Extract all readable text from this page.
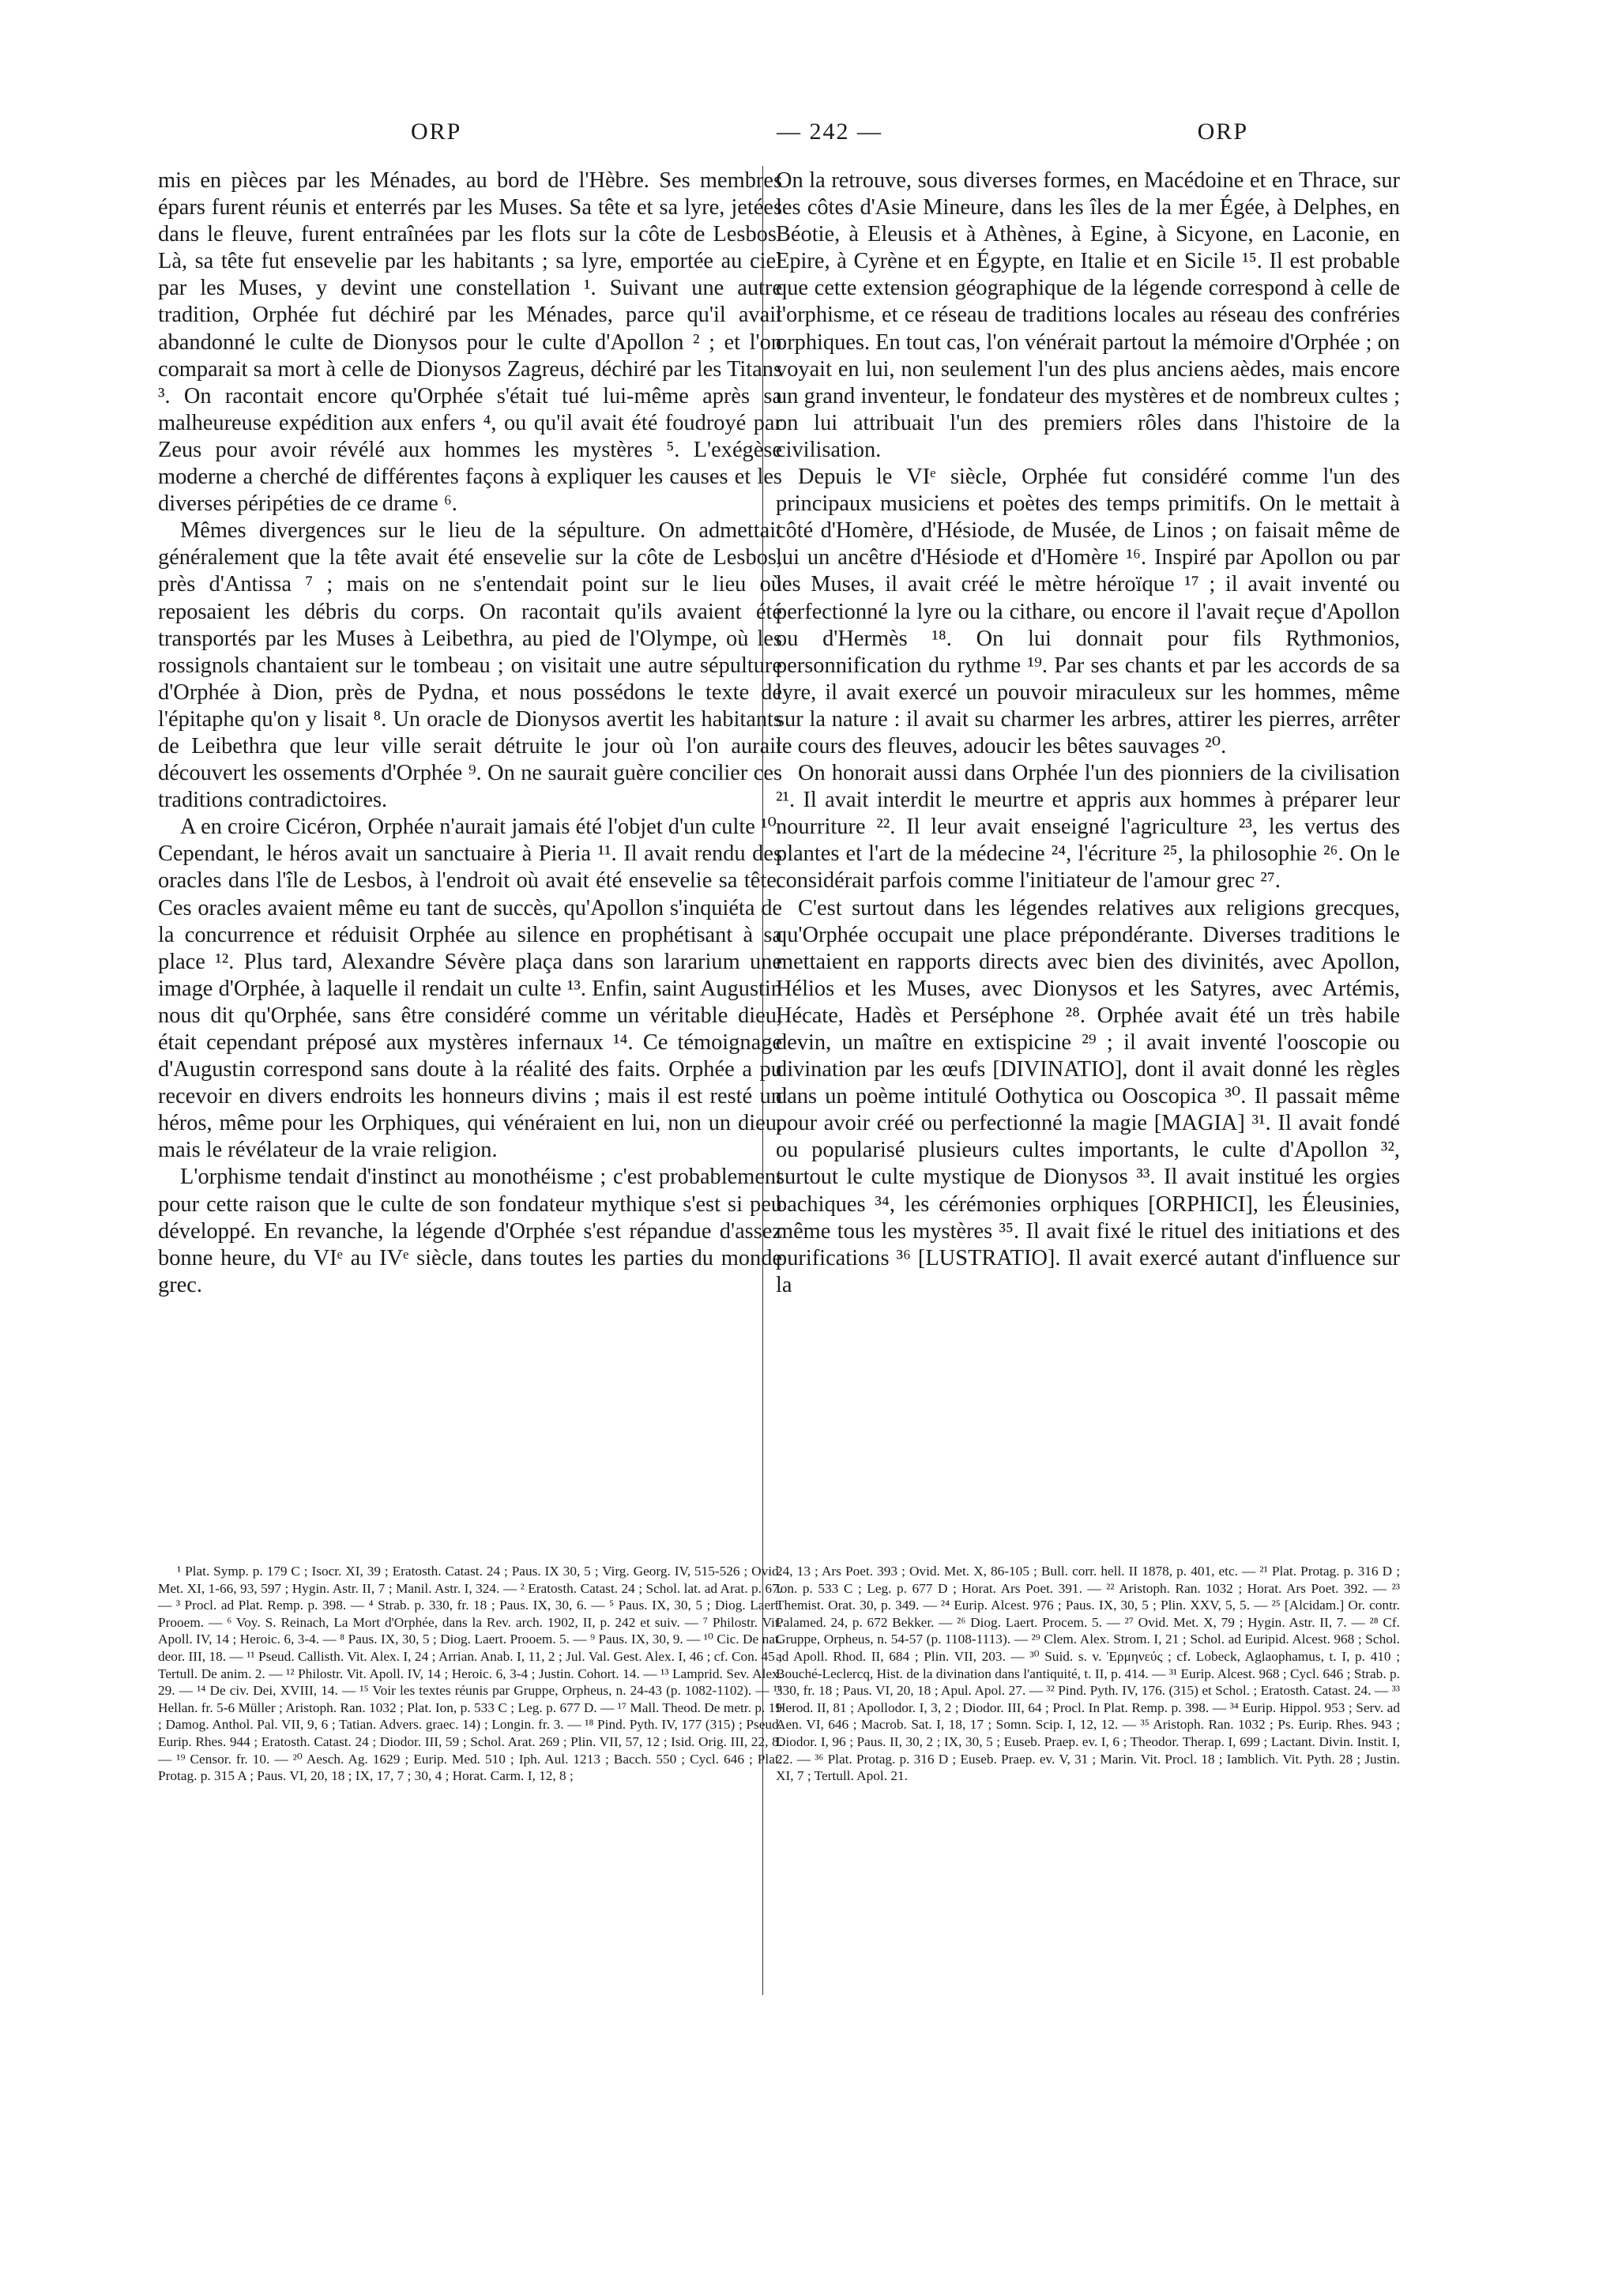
ORP	— 242 —	ORP

mis en pièces par les Ménades, au bord de l'Hèbre. Ses membres épars furent réunis et enterrés par les Muses. Sa tête et sa lyre, jetées dans le fleuve, furent entraînées par les flots sur la côte de Lesbos. Là, sa tête fut ensevelie par les habitants ; sa lyre, emportée au ciel par les Muses, y devint une constellation ¹. Suivant une autre tradition, Orphée fut déchiré par les Ménades, parce qu'il avait abandonné le culte de Dionysos pour le culte d'Apollon ² ; et l'on comparait sa mort à celle de Dionysos Zagreus, déchiré par les Titans ³. On racontait encore qu'Orphée s'était tué lui-même après sa malheureuse expédition aux enfers ⁴, ou qu'il avait été foudroyé par Zeus pour avoir révélé aux hommes les mystères ⁵. L'exégèse moderne a cherché de différentes façons à expliquer les causes et les diverses péripéties de ce drame ⁶.

Mêmes divergences sur le lieu de la sépulture. On admettait généralement que la tête avait été ensevelie sur la côte de Lesbos, près d'Antissa ⁷ ; mais on ne s'entendait point sur le lieu où reposaient les débris du corps. On racontait qu'ils avaient été transportés par les Muses à Leibethra, au pied de l'Olympe, où les rossignols chantaient sur le tombeau ; on visitait une autre sépulture d'Orphée à Dion, près de Pydna, et nous possédons le texte de l'épitaphe qu'on y lisait ⁸. Un oracle de Dionysos avertit les habitants de Leibethra que leur ville serait détruite le jour où l'on aurait découvert les ossements d'Orphée ⁹. On ne saurait guère concilier ces traditions contradictoires.

A en croire Cicéron, Orphée n'aurait jamais été l'objet d'un culte ¹⁰. Cependant, le héros avait un sanctuaire à Pieria ¹¹. Il avait rendu des oracles dans l'île de Lesbos, à l'endroit où avait été ensevelie sa tête. Ces oracles avaient même eu tant de succès, qu'Apollon s'inquiéta de la concurrence et réduisit Orphée au silence en prophétisant à sa place ¹². Plus tard, Alexandre Sévère plaça dans son lararium une image d'Orphée, à laquelle il rendait un culte ¹³. Enfin, saint Augustin nous dit qu'Orphée, sans être considéré comme un véritable dieu, était cependant préposé aux mystères infernaux ¹⁴. Ce témoignage d'Augustin correspond sans doute à la réalité des faits. Orphée a pu recevoir en divers endroits les honneurs divins ; mais il est resté un héros, même pour les Orphiques, qui vénéraient en lui, non un dieu, mais le révélateur de la vraie religion.

L'orphisme tendait d'instinct au monothéisme ; c'est probablement pour cette raison que le culte de son fondateur mythique s'est si peu développé. En revanche, la légende d'Orphée s'est répandue d'assez bonne heure, du VIᵉ au IVᵉ siècle, dans toutes les parties du monde grec.

On la retrouve, sous diverses formes, en Macédoine et en Thrace, sur les côtes d'Asie Mineure, dans les îles de la mer Égée, à Delphes, en Béotie, à Eleusis et à Athènes, à Egine, à Sicyone, en Laconie, en Epire, à Cyrène et en Égypte, en Italie et en Sicile ¹⁵. Il est probable que cette extension géographique de la légende correspond à celle de l'orphisme, et ce réseau de traditions locales au réseau des confréries orphiques. En tout cas, l'on vénérait partout la mémoire d'Orphée ; on voyait en lui, non seulement l'un des plus anciens aèdes, mais encore un grand inventeur, le fondateur des mystères et de nombreux cultes ; on lui attribuait l'un des premiers rôles dans l'histoire de la civilisation.

Depuis le VIᵉ siècle, Orphée fut considéré comme l'un des principaux musiciens et poètes des temps primitifs. On le mettait à côté d'Homère, d'Hésiode, de Musée, de Linos ; on faisait même de lui un ancêtre d'Hésiode et d'Homère ¹⁶. Inspiré par Apollon ou par les Muses, il avait créé le mètre héroïque ¹⁷ ; il avait inventé ou perfectionné la lyre ou la cithare, ou encore il l'avait reçue d'Apollon ou d'Hermès ¹⁸. On lui donnait pour fils Rythmonios, personnification du rythme ¹⁹. Par ses chants et par les accords de sa lyre, il avait exercé un pouvoir miraculeux sur les hommes, même sur la nature : il avait su charmer les arbres, attirer les pierres, arrêter le cours des fleuves, adoucir les bêtes sauvages ²⁰.

On honorait aussi dans Orphée l'un des pionniers de la civilisation ²¹. Il avait interdit le meurtre et appris aux hommes à préparer leur nourriture ²². Il leur avait enseigné l'agriculture ²³, les vertus des plantes et l'art de la médecine ²⁴, l'écriture ²⁵, la philosophie ²⁶. On le considérait parfois comme l'initiateur de l'amour grec ²⁷.

C'est surtout dans les légendes relatives aux religions grecques, qu'Orphée occupait une place prépondérante. Diverses traditions le mettaient en rapports directs avec bien des divinités, avec Apollon, Hélios et les Muses, avec Dionysos et les Satyres, avec Artémis, Hécate, Hadès et Perséphone ²⁸. Orphée avait été un très habile devin, un maître en extispicine ²⁹ ; il avait inventé l'ooscopie ou divination par les œufs [DIVINATIO], dont il avait donné les règles dans un poème intitulé Oothytica ou Ooscopica ³⁰. Il passait même pour avoir créé ou perfectionné la magie [MAGIA] ³¹. Il avait fondé ou popularisé plusieurs cultes importants, le culte d'Apollon ³², surtout le culte mystique de Dionysos ³³. Il avait institué les orgies bachiques ³⁴, les cérémonies orphiques [ORPHICI], les Éleusinies, même tous les mystères ³⁵. Il avait fixé le rituel des initiations et des purifications ³⁶ [LUSTRATIO]. Il avait exercé autant d'influence sur la

¹ Plat. Symp. p. 179 C ; Isocr. XI, 39 ; Eratosth. Catast. 24 ; Paus. IX 30, 5 ; Virg. Georg. IV, 515-526 ; Ovid. Met. XI, 1-66, 93, 597 ; Hygin. Astr. II, 7 ; Manil. Astr. I, 324. — ² Eratosth. Catast. 24 ; Schol. lat. ad Arat. p. 67. — ³ Procl. ad Plat. Remp. p. 398. — ⁴ Strab. p. 330, fr. 18 ; Paus. IX, 30, 6. — ⁵ Paus. IX, 30, 5 ; Diog. Laert. Prooem. — ⁶ Voy. S. Reinach, La Mort d'Orphée, dans la Rev. arch. 1902, II, p. 242 et suiv. — ⁷ Philostr. Vit. Apoll. IV, 14 ; Heroic. 6, 3-4. — ⁸ Paus. IX, 30, 5 ; Diog. Laert. Prooem. 5. — ⁹ Paus. IX, 30, 9. — ¹⁰ Cic. De nat. deor. III, 18. — ¹¹ Pseud. Callisth. Vit. Alex. I, 24 ; Arrian. Anab. I, 11, 2 ; Jul. Val. Gest. Alex. I, 46 ; cf. Con. 45 ; Tertull. De anim. 2. — ¹² Philostr. Vit. Apoll. IV, 14 ; Heroic. 6, 3-4 ; Justin. Cohort. 14. — ¹³ Lamprid. Sev. Alex. 29. — ¹⁴ De civ. Dei, XVIII, 14. — ¹⁵ Voir les textes réunis par Gruppe, Orpheus, n. 24-43 (p. 1082-1102). — ¹⁶ Hellan. fr. 5-6 Müller ; Aristoph. Ran. 1032 ; Plat. Ion, p. 533 C ; Leg. p. 677 D. — ¹⁷ Mall. Theod. De metr. p. 19 ; Damog. Anthol. Pal. VII, 9, 6 ; Tatian. Advers. graec. 14) ; Longin. fr. 3. — ¹⁸ Pind. Pyth. IV, 177 (315) ; Pseud. Eurip. Rhes. 944 ; Eratosth. Catast. 24 ; Diodor. III, 59 ; Schol. Arat. 269 ; Plin. VII, 57, 12 ; Isid. Orig. III, 22, 8. — ¹⁹ Censor. fr. 10. — ²⁰ Aesch. Ag. 1629 ; Eurip. Med. 510 ; Iph. Aul. 1213 ; Bacch. 550 ; Cycl. 646 ; Plat. Protag. p. 315 A ; Paus. VI, 20, 18 ; IX, 17, 7 ; 30, 4 ; Horat. Carm. I, 12, 8 ;

24, 13 ; Ars Poet. 393 ; Ovid. Met. X, 86-105 ; Bull. corr. hell. II 1878, p. 401, etc. — ²¹ Plat. Protag. p. 316 D ; Ion. p. 533 C ; Leg. p. 677 D ; Horat. Ars Poet. 391. — ²² Aristoph. Ran. 1032 ; Horat. Ars Poet. 392. — ²³ Themist. Orat. 30, p. 349. — ²⁴ Eurip. Alcest. 976 ; Paus. IX, 30, 5 ; Plin. XXV, 5, 5. — ²⁵ [Alcidam.] Or. contr. Palamed. 24, p. 672 Bekker. — ²⁶ Diog. Laert. Procem. 5. — ²⁷ Ovid. Met. X, 79 ; Hygin. Astr. II, 7. — ²⁸ Cf. Gruppe, Orpheus, n. 54-57 (p. 1108-1113). — ²⁹ Clem. Alex. Strom. I, 21 ; Schol. ad Euripid. Alcest. 968 ; Schol. ad Apoll. Rhod. II, 684 ; Plin. VII, 203. — ³⁰ Suid. s. v. Ἑρμηνεύς ; cf. Lobeck, Aglaophamus, t. I, p. 410 ; Bouché-Leclercq, Hist. de la divination dans l'antiquité, t. II, p. 414. — ³¹ Eurip. Alcest. 968 ; Cycl. 646 ; Strab. p. 330, fr. 18 ; Paus. VI, 20, 18 ; Apul. Apol. 27. — ³² Pind. Pyth. IV, 176. (315) et Schol. ; Eratosth. Catast. 24. — ³³ Herod. II, 81 ; Apollodor. I, 3, 2 ; Diodor. III, 64 ; Procl. In Plat. Remp. p. 398. — ³⁴ Eurip. Hippol. 953 ; Serv. ad Aen. VI, 646 ; Macrob. Sat. I, 18, 17 ; Somn. Scip. I, 12, 12. — ³⁵ Aristoph. Ran. 1032 ; Ps. Eurip. Rhes. 943 ; Diodor. I, 96 ; Paus. II, 30, 2 ; IX, 30, 5 ; Euseb. Praep. ev. I, 6 ; Theodor. Therap. I, 699 ; Lactant. Divin. Instit. I, 22. — ³⁶ Plat. Protag. p. 316 D ; Euseb. Praep. ev. V, 31 ; Marin. Vit. Procl. 18 ; Iamblich. Vit. Pyth. 28 ; Justin. XI, 7 ; Tertull. Apol. 21.
